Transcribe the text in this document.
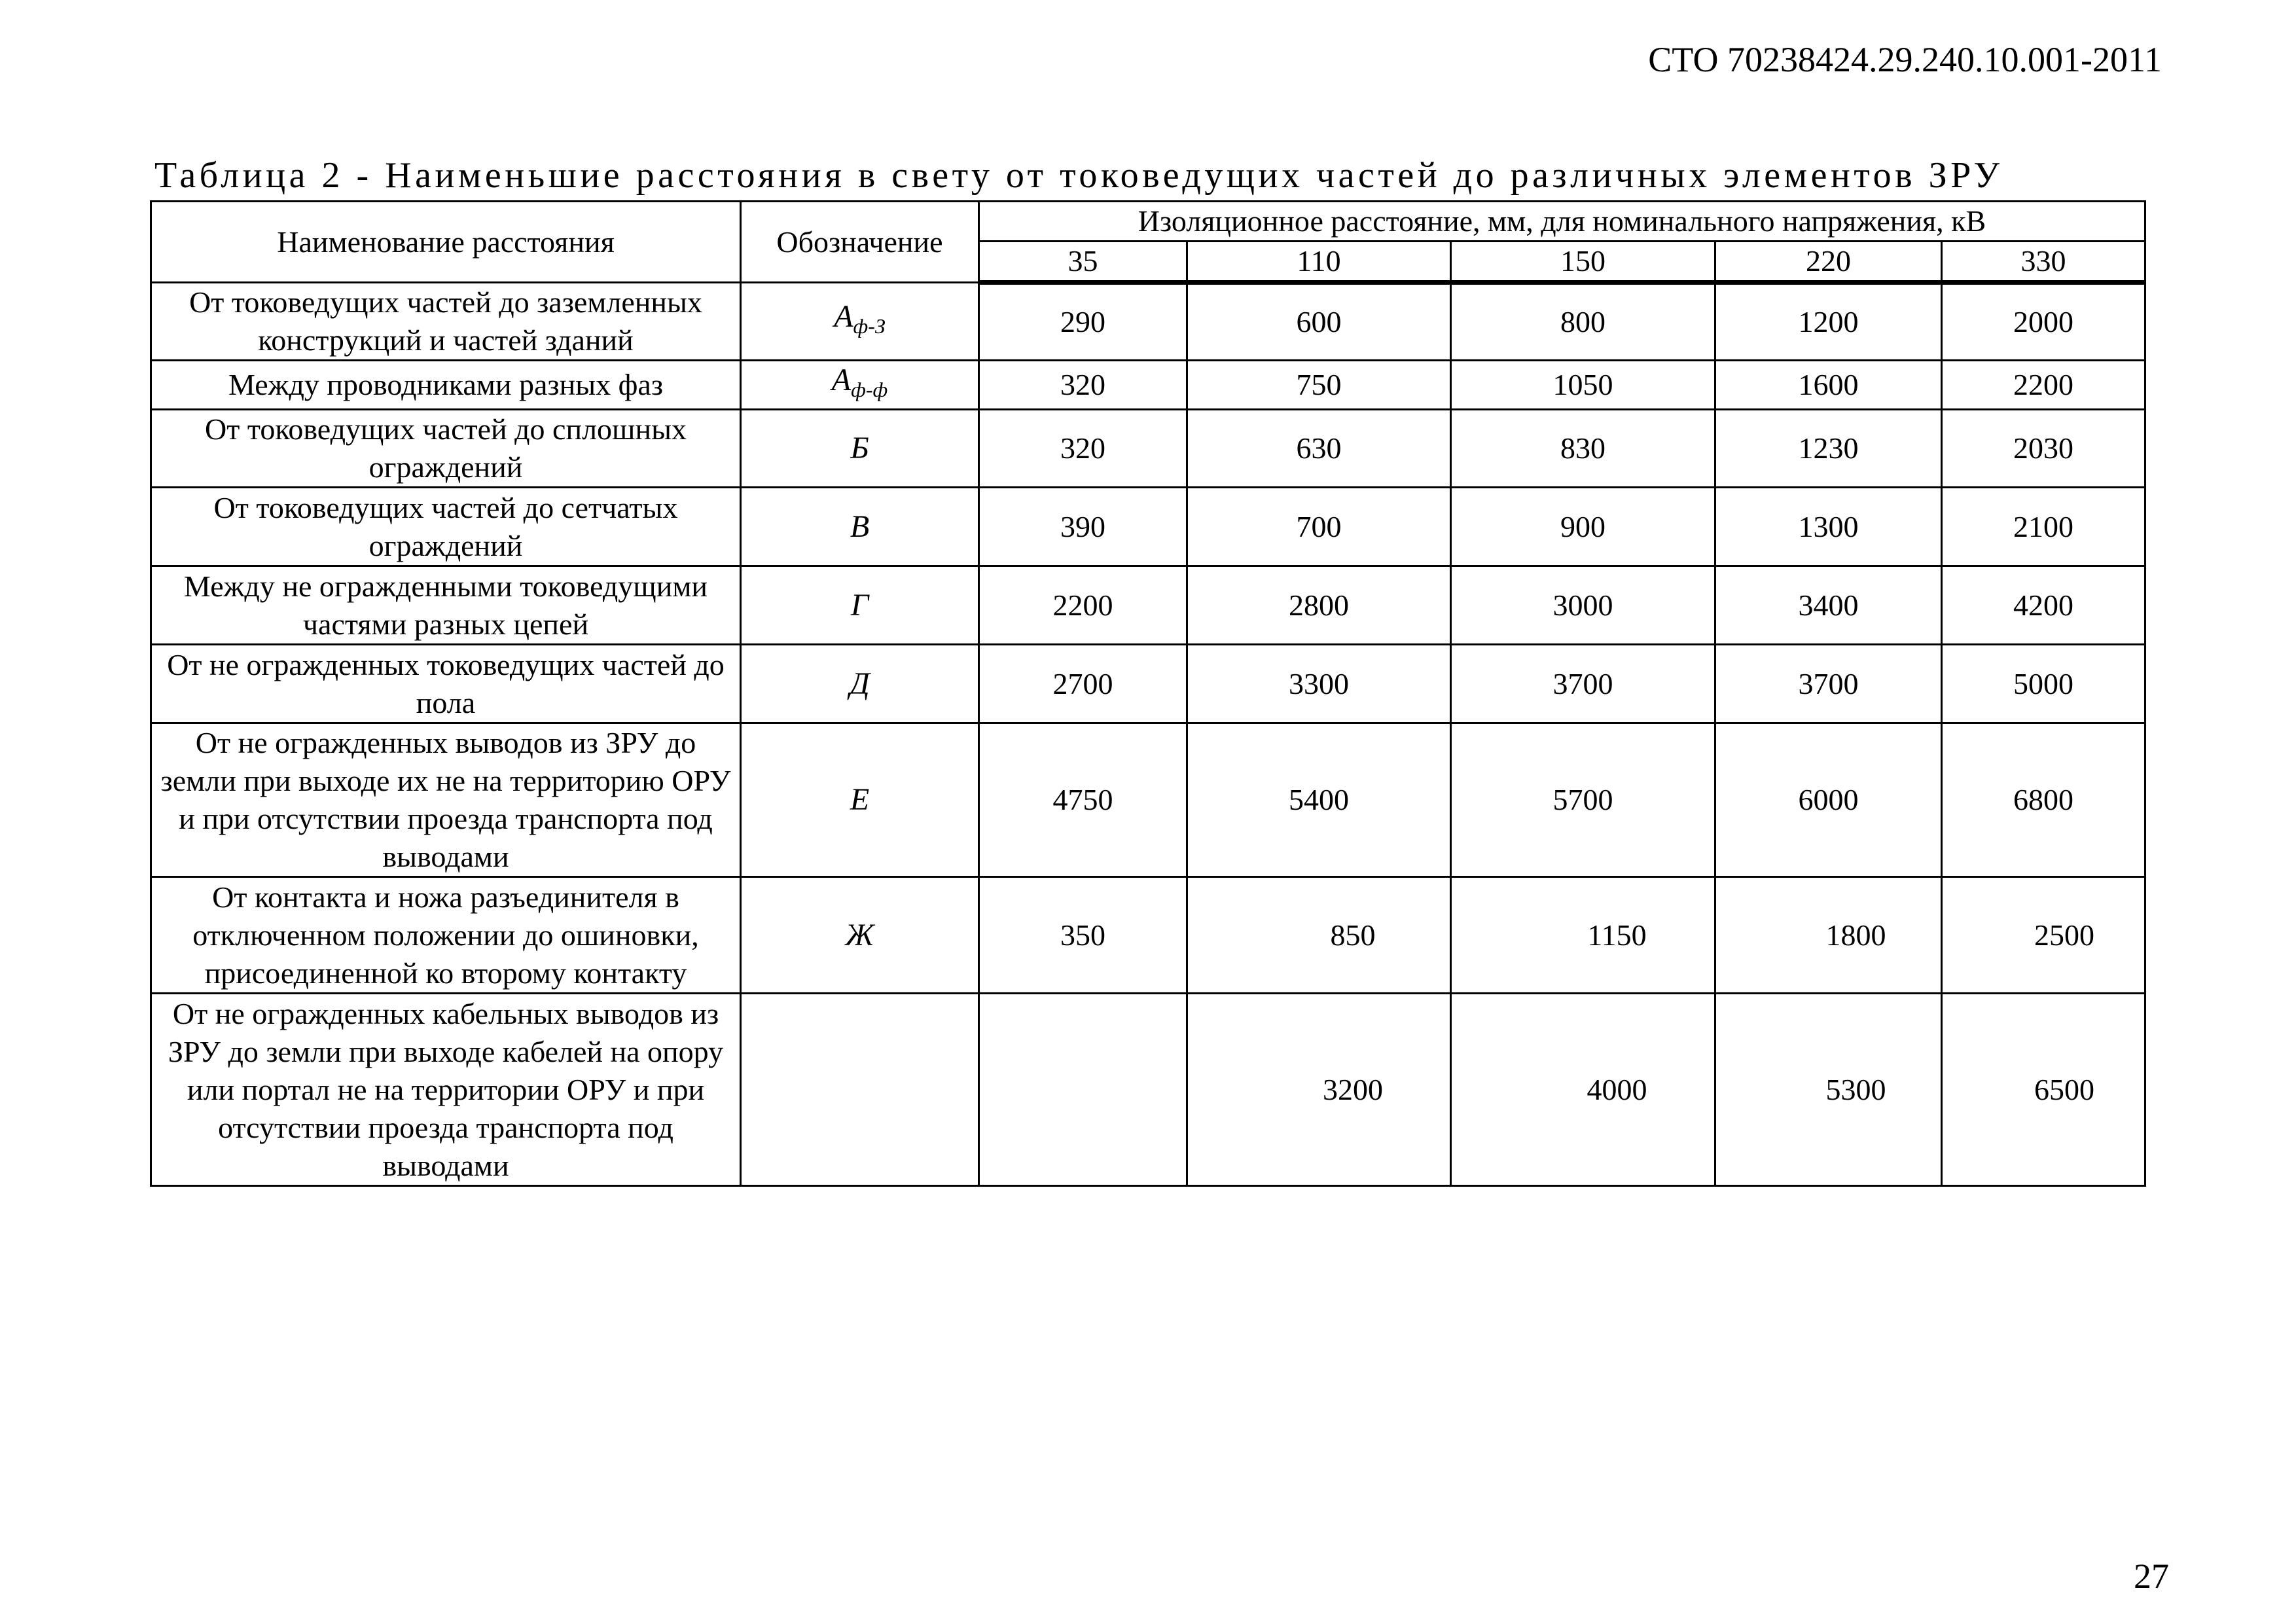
СТО 70238424.29.240.10.001-2011
Таблица 2 - Наименьшие расстояния в свету от токоведущих частей до различных элементов ЗРУ
Наименование расстояния	Обозначение	Изоляционное расстояние, мм, для номинального напряжения, кВ				
		35	110	150	220	330
От токоведущих частей до заземленных конструкций и частей зданий	$А_{ф-З}$	290	600	800	1200	2000
Между проводниками разных фаз	$А_{ф-ф}$	320	750	1050	1600	2200
От токоведущих частей до сплошных ограждений	Б	320	630	830	1230	2030
От токоведущих частей до сетчатых ограждений	В	390	700	900	1300	2100
Между не огражденными токоведущими частями разных цепей	Г	2200	2800	3000	3400	4200
От не огражденных токоведущих частей до пола	Д	2700	3300	3700	3700	5000
От не огражденных выводов из ЗРУ до земли при выходе их не на территорию ОРУ и при отсутствии проезда транспорта под выводами	Е	4750	5400	5700	6000	6800
От контакта и ножа разъединителя в отключенном положении до ошиновки, присоединенной ко второму контакту	Ж	350	850	1150	1800	2500
От не огражденных кабельных выводов из ЗРУ до земли при выходе кабелей на опору или портал не на территории ОРУ и при отсутствии проезда транспорта под выводами			3200	4000	5300	6500
27
